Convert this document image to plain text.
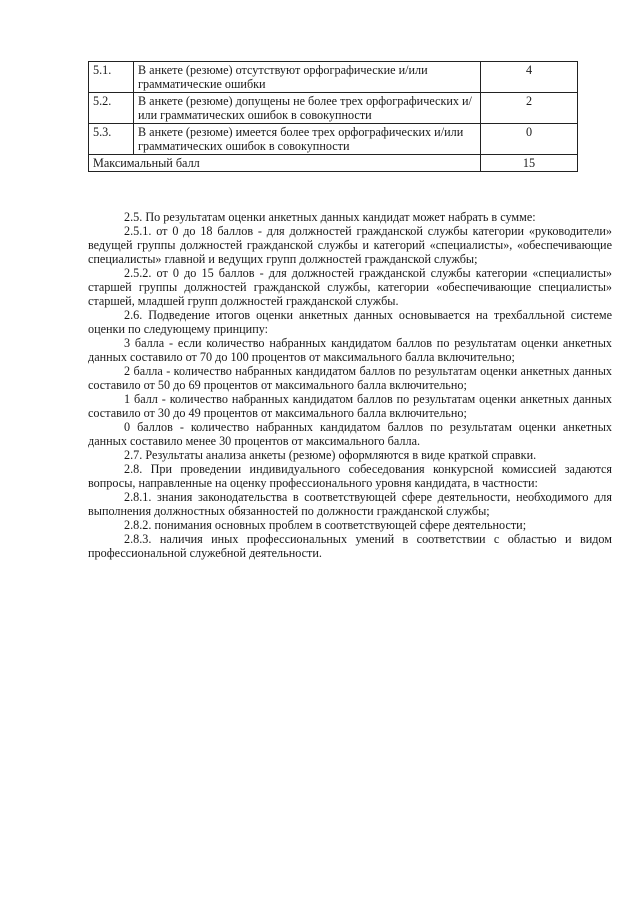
5.1.	В анкете (резюме) отсутствуют орфографические и/или грамматические ошибки	4
5.2.	В анкете (резюме) допущены не более трех орфографических и/или грамматических ошибок в совокупности	2
5.3.	В анкете (резюме) имеется более трех орфографических и/или грамматических ошибок в совокупности	0
Максимальный балл		15

2.5. По результатам оценки анкетных данных кандидат может набрать в сумме:

2.5.1. от 0 до 18 баллов - для должностей гражданской службы категории «руководители» ведущей группы должностей гражданской службы и категорий «специалисты», «обеспечивающие специалисты» главной и ведущих групп должностей гражданской службы;

2.5.2. от 0 до 15 баллов - для должностей гражданской службы категории «специалисты» старшей группы должностей гражданской службы, категории «обеспечивающие специалисты» старшей, младшей групп должностей гражданской службы.

2.6. Подведение итогов оценки анкетных данных основывается на трехбалльной системе оценки по следующему принципу:

3 балла - если количество набранных кандидатом баллов по результатам оценки анкетных данных составило от 70 до 100 процентов от максимального балла включительно;

2 балла - количество набранных кандидатом баллов по результатам оценки анкетных данных составило от 50 до 69 процентов от максимального балла включительно;

1 балл - количество набранных кандидатом баллов по результатам оценки анкетных данных составило от 30 до 49 процентов от максимального балла включительно;

0 баллов - количество набранных кандидатом баллов по результатам оценки анкетных данных составило менее 30 процентов от максимального балла.

2.7. Результаты анализа анкеты (резюме) оформляются в виде краткой справки.

2.8. При проведении индивидуального собеседования конкурсной комиссией задаются вопросы, направленные на оценку профессионального уровня кандидата, в частности:

2.8.1. знания законодательства в соответствующей сфере деятельности, необходимого для выполнения должностных обязанностей по должности гражданской службы;

2.8.2. понимания основных проблем в соответствующей сфере деятельности;

2.8.3. наличия иных профессиональных умений в соответствии с областью и видом профессиональной служебной деятельности.
